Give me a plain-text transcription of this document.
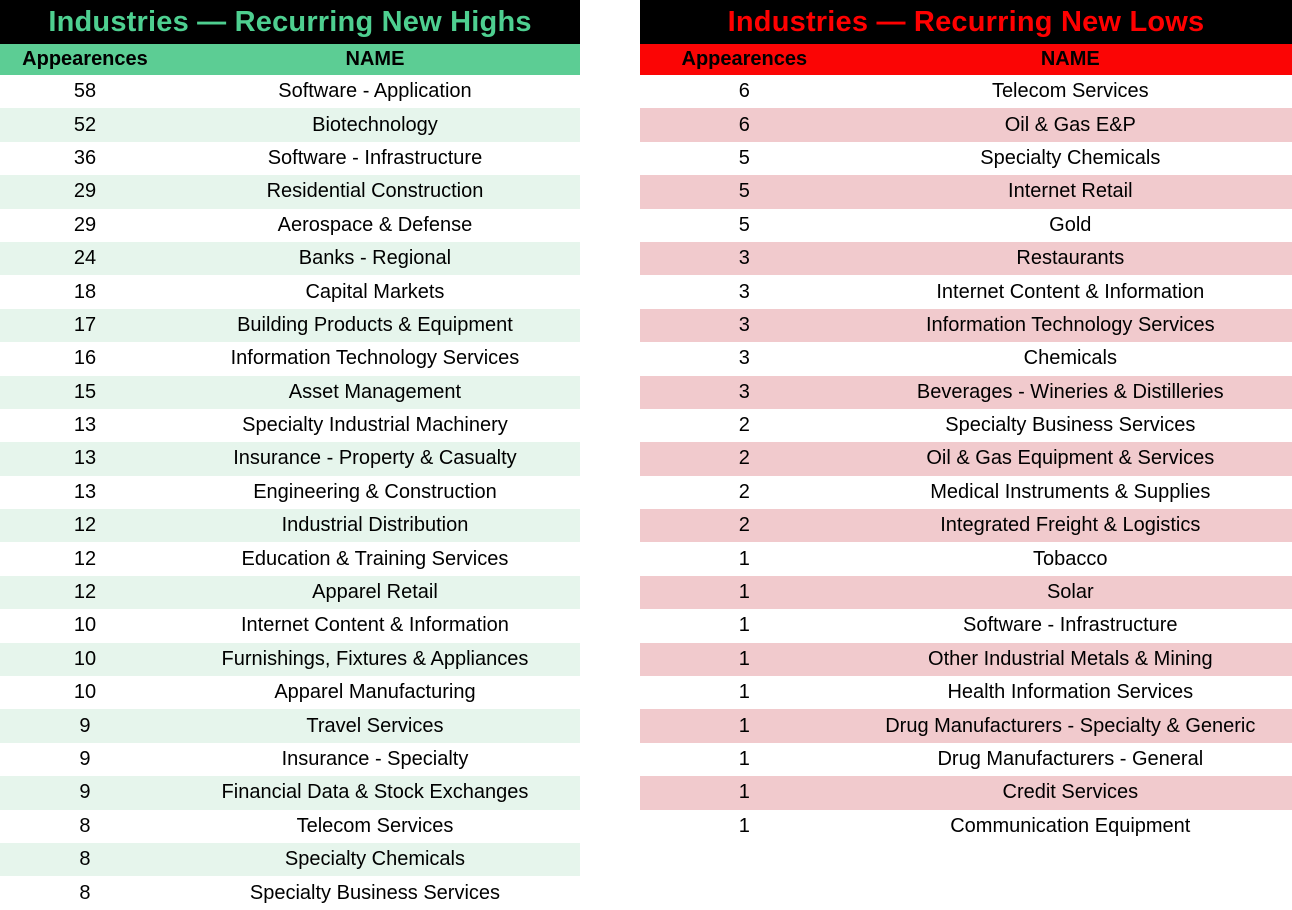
Industries — Recurring New Highs
Appearences	NAME
58	Software - Application
52	Biotechnology
36	Software - Infrastructure
29	Residential Construction
29	Aerospace & Defense
24	Banks - Regional
18	Capital Markets
17	Building Products & Equipment
16	Information Technology Services
15	Asset Management
13	Specialty Industrial Machinery
13	Insurance - Property & Casualty
13	Engineering & Construction
12	Industrial Distribution
12	Education & Training Services
12	Apparel Retail
10	Internet Content & Information
10	Furnishings, Fixtures & Appliances
10	Apparel Manufacturing
9	Travel Services
9	Insurance - Specialty
9	Financial Data & Stock Exchanges
8	Telecom Services
8	Specialty Chemicals
8	Specialty Business Services
Industries — Recurring New Lows
Appearences	NAME
6	Telecom Services
6	Oil & Gas E&P
5	Specialty Chemicals
5	Internet Retail
5	Gold
3	Restaurants
3	Internet Content & Information
3	Information Technology Services
3	Chemicals
3	Beverages - Wineries & Distilleries
2	Specialty Business Services
2	Oil & Gas Equipment & Services
2	Medical Instruments & Supplies
2	Integrated Freight & Logistics
1	Tobacco
1	Solar
1	Software - Infrastructure
1	Other Industrial Metals & Mining
1	Health Information Services
1	Drug Manufacturers - Specialty & Generic
1	Drug Manufacturers - General
1	Credit Services
1	Communication Equipment
